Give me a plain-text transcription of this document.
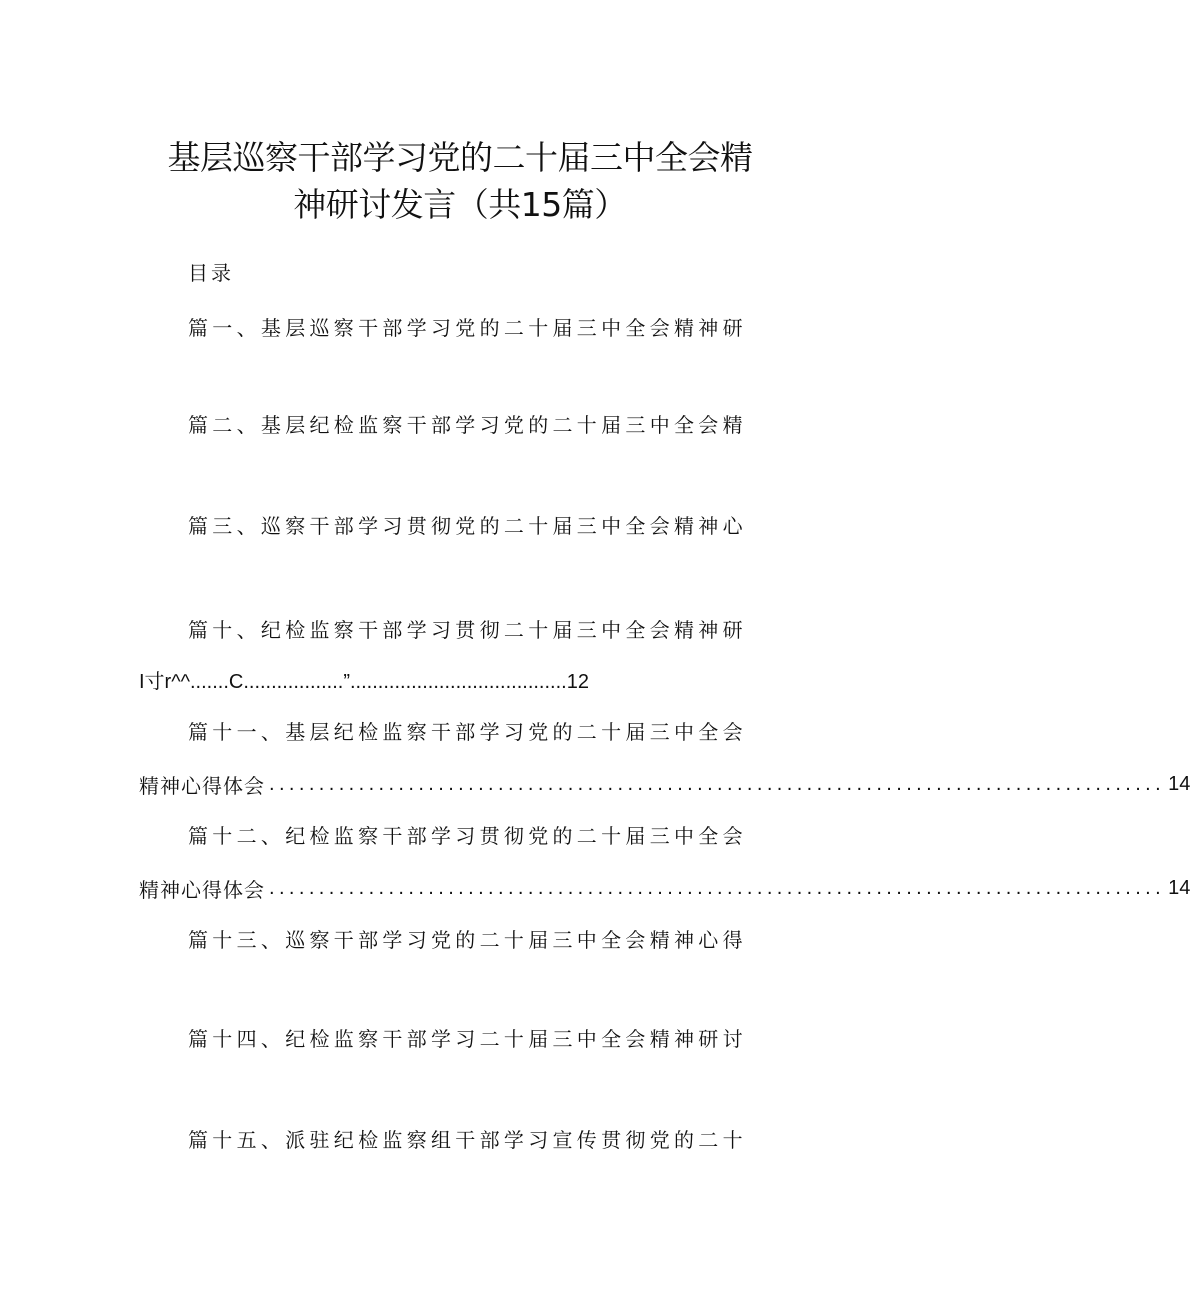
基层巡察干部学习党的二十届三中全会精
神研讨发言（共15篇）
目录
篇一、基层巡察干部学习党的二十届三中全会精神研
篇二、基层纪检监察干部学习党的二十届三中全会精
篇三、巡察干部学习贯彻党的二十届三中全会精神心
篇十、纪检监察干部学习贯彻二十届三中全会精神研
I寸r^^.......C..................”.......................................12
篇十一、基层纪检监察干部学习党的二十届三中全会
精神心得体会 .......................................................................................... 14
篇十二、纪检监察干部学习贯彻党的二十届三中全会
精神心得体会 .......................................................................................... 14
篇十三、巡察干部学习党的二十届三中全会精神心得
篇十四、纪检监察干部学习二十届三中全会精神研讨
篇十五、派驻纪检监察组干部学习宣传贯彻党的二十
